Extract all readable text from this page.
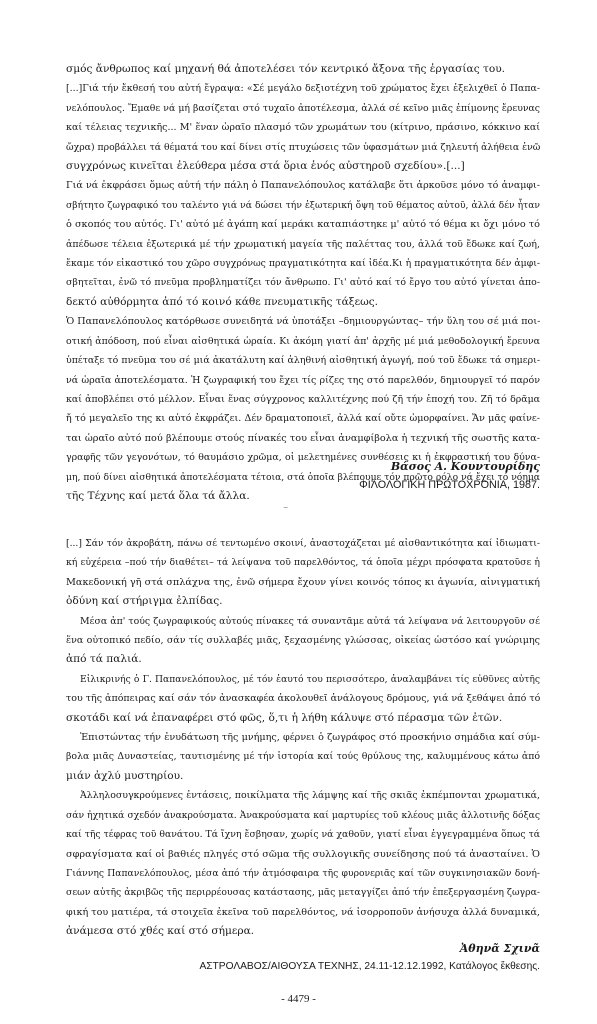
σμός ἄνθρωπος καί μηχανή θά ἀποτελέσει τόν κεντρικό ἄξονα τῆς ἐργασίας του.
[...]Γιά τήν ἔκθεσή του αὐτή ἔγραψα: «Σέ μεγάλο δεξιοτέχνη τοῦ χρώματος ἔχει ἐξελιχθεῖ ὁ Παπα-
νελόπουλος. Ἔμαθε νά μή βασίζεται στό τυχαῖο ἀποτέλεσμα, ἀλλά σέ κεῖνο μιᾶς ἐπίμονης ἔρευνας
καί τέλειας τεχνικῆς... Μ' ἕναν ὡραῖο πλασμό τῶν χρωμάτων του (κίτρινο, πράσινο, κόκκινο καί
ὤχρα) προβάλλει τά θέματά του καί δίνει στίς πτυχώσεις τῶν ὑφασμάτων μιά ζηλευτή ἀλήθεια ἐνῶ
συγχρόνως κινεῖται ἐλεύθερα μέσα στά ὅρια ἑνός αὐστηροῦ σχεδίου».[...]
Γιά νά ἐκφράσει ὅμως αὐτή τήν πάλη ὁ Παπανελόπουλος κατάλαβε ὅτι ἀρκοῦσε μόνο τό ἀναμφι-
σβήτητο ζωγραφικό του ταλέντο γιά νά δώσει τήν ἐξωτερική ὄψη τοῦ θέματος αὐτοῦ, ἀλλά δέν ἦταν
ὁ σκοπός του αὐτός. Γι' αὐτό μέ ἀγάπη καί μεράκι καταπιάστηκε μ' αὐτό τό θέμα κι ὄχι μόνο τό
ἀπέδωσε τέλεια ἐξωτερικά μέ τήν χρωματική μαγεία τῆς παλέττας του, ἀλλά τοῦ ἔδωκε καί ζωή,
ἔκαμε τόν εἰκαστικό του χῶρο συγχρόνως πραγματικότητα καί ἰδέα.Κι ἡ πραγματικότητα δέν ἀμφι-
σβητεῖται, ἐνῶ τό πνεῦμα προβληματίζει τόν ἄνθρωπο. Γι' αὐτό καί τό ἔργο του αὐτό γίνεται ἀπο-
δεκτό αὐθόρμητα ἀπό τό κοινό κάθε πνευματικῆς τάξεως.
Ὁ Παπανελόπουλος κατόρθωσε συνειδητά νά ὑποτάξει –δημιουργώντας– τήν ὕλη του σέ μιά ποι-
οτική ἀπόδοση, πού εἶναι αἰσθητικά ὡραία. Κι ἀκόμη γιατί ἀπ' ἀρχῆς μέ μιά μεθοδολογική ἔρευνα
ὑπέταξε τό πνεῦμα του σέ μιά ἀκατάλυτη καί ἀληθινή αἰσθητική ἀγωγή, πού τοῦ ἔδωκε τά σημερι-
νά ὡραῖα ἀποτελέσματα. Ἡ ζωγραφική του ἔχει τίς ρίζες της στό παρελθόν, δημιουργεῖ τό παρόν
καί ἀποβλέπει στό μέλλον. Εἶναι ἕνας σύγχρονος καλλιτέχνης πού ζῆ τήν ἐποχή του. Ζῆ τό δρᾶμα
ἤ τό μεγαλεῖο της κι αὐτό ἐκφράζει. Δέν δραματοποιεῖ, ἀλλά καί οὔτε ὡμορφαίνει. Ἄν μᾶς φαίνε-
ται ὡραῖο αὐτό πού βλέπουμε στούς πίνακές του εἶναι ἀναμφίβολα ἡ τεχνική τῆς σωστῆς κατα-
γραφῆς τῶν γεγονότων, τό θαυμάσιο χρῶμα, οἱ μελετημένες συνθέσεις κι ἡ ἐκφραστική του δύνα-
μη, πού δίνει αἰσθητικά ἀποτελέσματα τέτοια, στά ὁποῖα βλέπουμε τόν πρῶτο ρόλο νά ἔχει τό νόημα
τῆς Τέχνης καί μετά ὅλα τά ἄλλα.
Βάσος Α. Κουντουρίδης
ΦΙΛΟΛΟΓΙΚΗ ΠΡΩΤΟΧΡΟΝΙΑ, 1987.
⁻
[...] Σάν τόν ἀκροβάτη, πάνω σέ τεντωμένο σκοινί, ἀναστοχάζεται μέ αἰσθαντικότητα καί ἰδιωματι-
κή εὐχέρεια –πού τήν διαθέτει– τά λείψανα τοῦ παρελθόντος, τά ὁποῖα μέχρι πρόσφατα κρατοῦσε ἡ
Μακεδονική γῆ στά σπλάχνα της, ἐνῶ σήμερα ἔχουν γίνει κοινός τόπος κι ἀγωνία, αἰνιγματική
ὀδύνη καί στήριγμα ἐλπίδας.
Μέσα ἀπ' τούς ζωγραφικούς αὐτούς πίνακες τά συναντᾶμε αὐτά τά λείψανα νά λειτουργοῦν σέ
ἕνα οὐτοπικό πεδίο, σάν τίς συλλαβές μιᾶς, ξεχασμένης γλώσσας, οἰκείας ὡστόσο καί γνώριμης
ἀπό τά παλιά.
Εἰλικρινής ὁ Γ. Παπανελόπουλος, μέ τόν ἑαυτό του περισσότερο, ἀναλαμβάνει τίς εὐθῦνες αὐτῆς
του τῆς ἀπόπειρας καί σάν τόν ἀνασκαφέα ἀκολουθεῖ ἀνάλογους δρόμους, γιά νά ξεθάψει ἀπό τό
σκοτάδι καί νά ἐπαναφέρει στό φῶς, ὅ,τι ἡ λήθη κάλυψε στό πέρασμα τῶν ἐτῶν.
Ἐπιστώντας τήν ἐνυδάτωση τῆς μνήμης, φέρνει ὁ ζωγράφος στό προσκήνιο σημάδια καί σύμ-
βολα μιᾶς Δυναστείας, ταυτισμένης μέ τήν ἱστορία καί τούς θρύλους της, καλυμμένους κάτω ἀπό
μιάν ἀχλύ μυστηρίου.
Ἀλληλοσυγκρούμενες ἐντάσεις, ποικίλματα τῆς λάμψης καί τῆς σκιᾶς ἐκπέμπονται χρωματικά,
σάν ἠχητικά σχεδόν ἀνακρούσματα. Ἀνακρούσματα καί μαρτυρίες τοῦ κλέους μιᾶς ἀλλοτινῆς δόξας
καί τῆς τέφρας τοῦ θανάτου. Τά ἴχνη ἔσβησαν, χωρίς νά χαθοῦν, γιατί εἶναι ἐγγεγραμμένα ὅπως τά
σφραγίσματα καί οἱ βαθιές πληγές στό σῶμα τῆς συλλογικῆς συνείδησης πού τά ἀνασταίνει. Ὁ
Γιάννης Παπανελόπουλος, μέσα ἀπό τήν ἀτμόσφαιρα τῆς φυρονεριᾶς καί τῶν συγκινησιακῶν δονή-
σεων αὐτῆς ἀκριβῶς τῆς περιρρέουσας κατάστασης, μᾶς μεταγγίζει ἀπό τήν ἐπεξεργασμένη ζωγρα-
φική του ματιέρα, τά στοιχεῖα ἐκεῖνα τοῦ παρελθόντος, νά ἰσορροποῦν ἀνήσυχα ἀλλά δυναμικά,
ἀνάμεσα στό χθές καί στό σήμερα.
Ἀθηνᾶ Σχινᾶ
ΑΣΤΡΟΛΑΒΟΣ/ΑΙΘΟΥΣΑ ΤΕΧΝΗΣ, 24.11-12.12.1992, Κατάλογος ἔκθεσης.
- 4479 -
